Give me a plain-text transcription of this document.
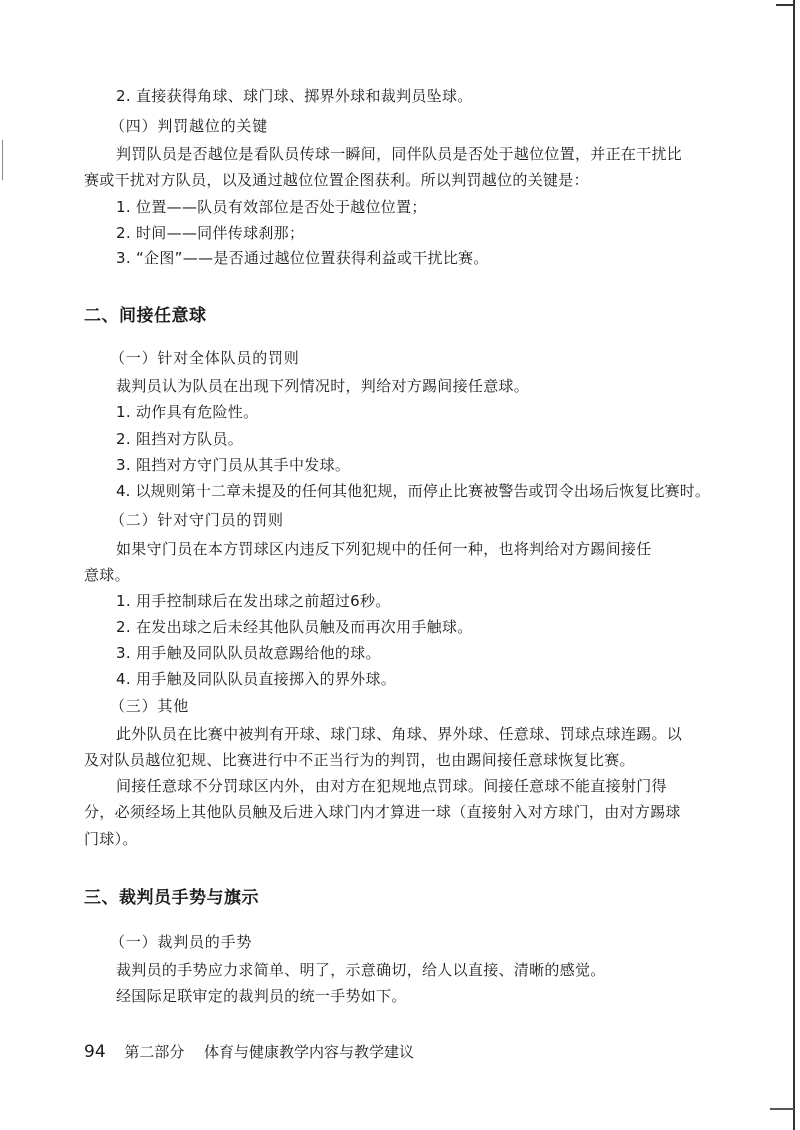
2. 直接获得角球、球门球、掷界外球和裁判员坠球。
（四）判罚越位的关键
判罚队员是否越位是看队员传球一瞬间，同伴队员是否处于越位位置，并正在干扰比
赛或干扰对方队员，以及通过越位位置企图获利。所以判罚越位的关键是：
1. 位置——队员有效部位是否处于越位位置；
2. 时间——同伴传球刹那；
3. “企图”——是否通过越位位置获得利益或干扰比赛。
二、间接任意球
（一）针对全体队员的罚则
裁判员认为队员在出现下列情况时，判给对方踢间接任意球。
1. 动作具有危险性。
2. 阻挡对方队员。
3. 阻挡对方守门员从其手中发球。
4. 以规则第十二章未提及的任何其他犯规，而停止比赛被警告或罚令出场后恢复比赛时。
（二）针对守门员的罚则
如果守门员在本方罚球区内违反下列犯规中的任何一种，也将判给对方踢间接任
意球。
1. 用手控制球后在发出球之前超过6秒。
2. 在发出球之后未经其他队员触及而再次用手触球。
3. 用手触及同队队员故意踢给他的球。
4. 用手触及同队队员直接掷入的界外球。
（三）其他
此外队员在比赛中被判有开球、球门球、角球、界外球、任意球、罚球点球连踢。以
及对队员越位犯规、比赛进行中不正当行为的判罚，也由踢间接任意球恢复比赛。
间接任意球不分罚球区内外，由对方在犯规地点罚球。间接任意球不能直接射门得
分，必须经场上其他队员触及后进入球门内才算进一球（直接射入对方球门，由对方踢球
门球）。
三、裁判员手势与旗示
（一）裁判员的手势
裁判员的手势应力求简单、明了，示意确切，给人以直接、清晰的感觉。
经国际足联审定的裁判员的统一手势如下。
94 第二部分 体育与健康教学内容与教学建议
